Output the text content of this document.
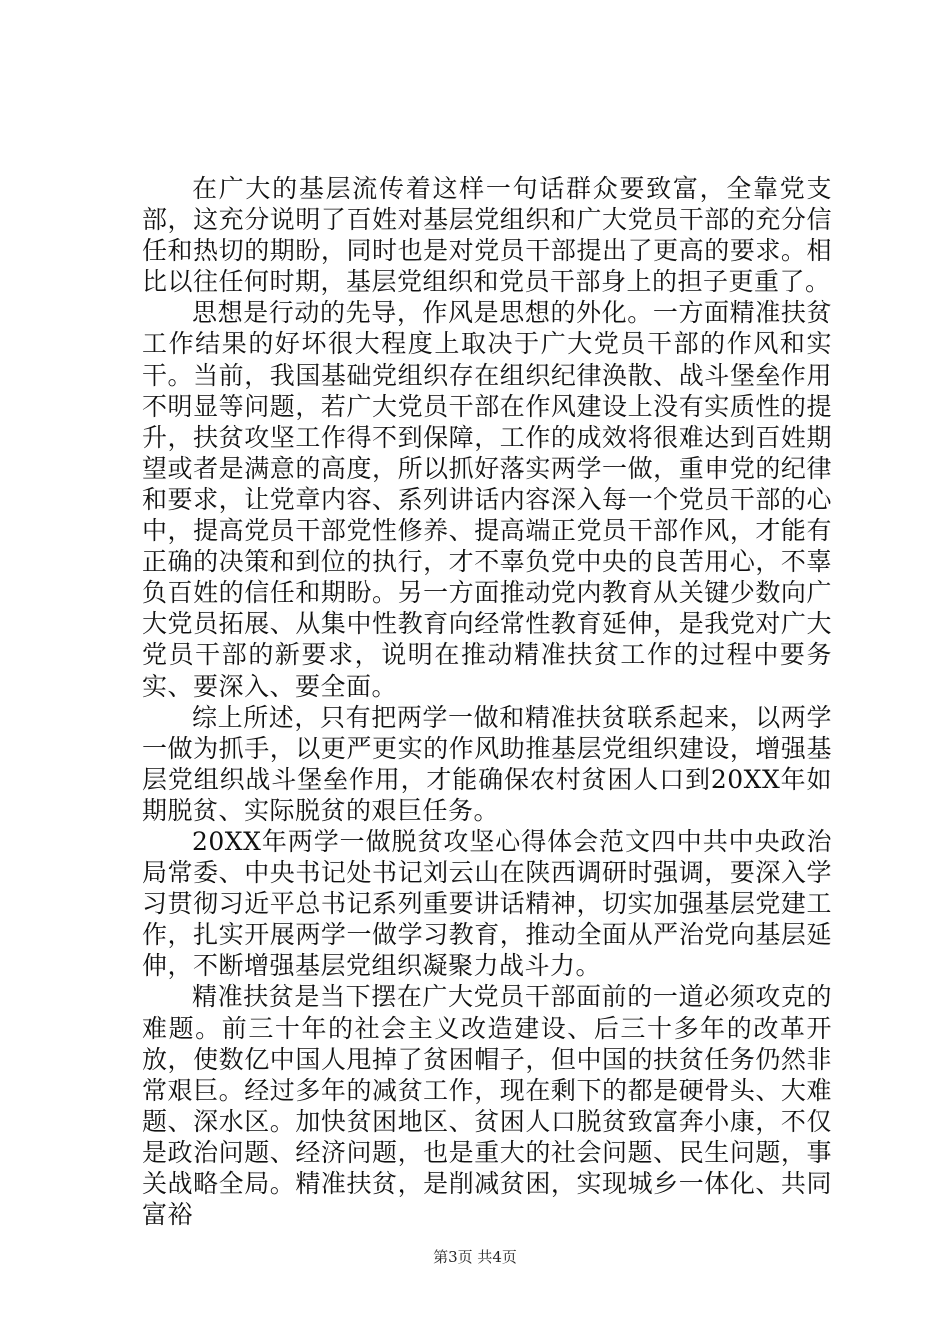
在广大的基层流传着这样一句话群众要致富，全靠党支部，这充分说明了百姓对基层党组织和广大党员干部的充分信任和热切的期盼，同时也是对党员干部提出了更高的要求。相比以往任何时期，基层党组织和党员干部身上的担子更重了。

思想是行动的先导，作风是思想的外化。一方面精准扶贫工作结果的好坏很大程度上取决于广大党员干部的作风和实干。当前，我国基础党组织存在组织纪律涣散、战斗堡垒作用不明显等问题，若广大党员干部在作风建设上没有实质性的提升，扶贫攻坚工作得不到保障，工作的成效将很难达到百姓期望或者是满意的高度，所以抓好落实两学一做，重申党的纪律和要求，让党章内容、系列讲话内容深入每一个党员干部的心中，提高党员干部党性修养、提高端正党员干部作风，才能有正确的决策和到位的执行，才不辜负党中央的良苦用心，不辜负百姓的信任和期盼。另一方面推动党内教育从关键少数向广大党员拓展、从集中性教育向经常性教育延伸，是我党对广大党员干部的新要求，说明在推动精准扶贫工作的过程中要务实、要深入、要全面。

综上所述，只有把两学一做和精准扶贫联系起来，以两学一做为抓手，以更严更实的作风助推基层党组织建设，增强基层党组织战斗堡垒作用，才能确保农村贫困人口到20XX年如期脱贫、实际脱贫的艰巨任务。

20XX年两学一做脱贫攻坚心得体会范文四中共中央政治局常委、中央书记处书记刘云山在陕西调研时强调，要深入学习贯彻习近平总书记系列重要讲话精神，切实加强基层党建工作，扎实开展两学一做学习教育，推动全面从严治党向基层延伸，不断增强基层党组织凝聚力战斗力。

精准扶贫是当下摆在广大党员干部面前的一道必须攻克的难题。前三十年的社会主义改造建设、后三十多年的改革开放，使数亿中国人甩掉了贫困帽子，但中国的扶贫任务仍然非常艰巨。经过多年的减贫工作，现在剩下的都是硬骨头、大难题、深水区。加快贫困地区、贫困人口脱贫致富奔小康，不仅是政治问题、经济问题，也是重大的社会问题、民生问题，事关战略全局。精准扶贫，是削减贫困，实现城乡一体化、共同富裕

第3页 共4页
